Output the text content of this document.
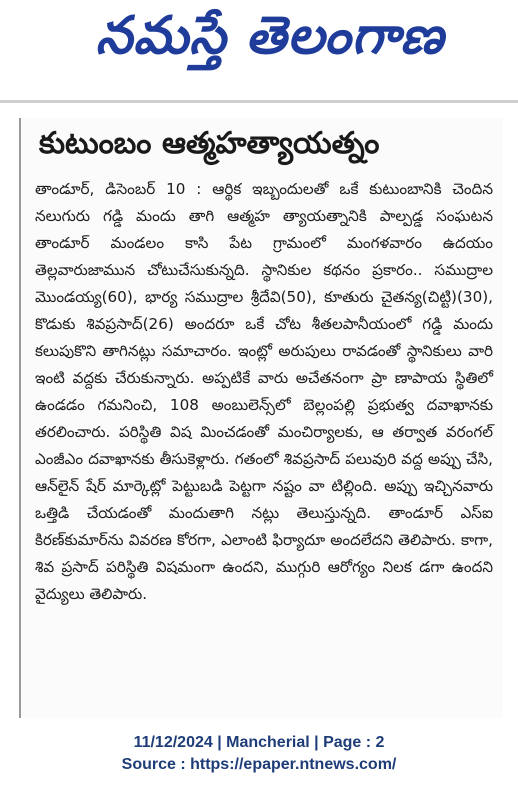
నమస్తే తెలంగాణ
కుటుంబం ఆత్మహత్యాయత్నం

తాండూర్, డిసెంబర్ 10 : ఆర్థిక ఇబ్బందులతో ఒకే కుటుంబానికి చెందిన నలుగురు గడ్డి మందు తాగి ఆత్మహ త్యాయత్నానికి పాల్పడ్డ సంఘటన తాండూర్ మండలం కాసి పేట గ్రామంలో మంగళవారం ఉదయం తెల్లవారుజామున చోటుచేసుకున్నది. స్థానికుల కథనం ప్రకారం.. సముద్రాల మొండయ్య(60), భార్య సముద్రాల శ్రీదేవి(50), కూతురు చైతన్య(చిట్టి)(30), కొడుకు శివప్రసాద్(26) అందరూ ఒకే చోట శీతలపానీయంలో గడ్డి మందు కలుపుకొని తాగినట్లు సమాచారం. ఇంట్లో అరుపులు రావడంతో స్థానికులు వారి ఇంటి వద్దకు చేరుకున్నారు. అప్పటికే వారు అచేతనంగా ప్రా ణాపాయ స్థితిలో ఉండడం గమనించి, 108 అంబులెన్స్‌లో బెల్లంపల్లి ప్రభుత్వ దవాఖానకు తరలించారు. పరిస్థితి విష మించడంతో మంచిర్యాలకు, ఆ తర్వాత వరంగల్ ఎంజీఎం దవాఖానకు తీసుకెళ్లారు. గతంలో శివప్రసాద్ పలువురి వద్ద అప్పు చేసి, ఆన్‌లైన్ షేర్ మార్కెట్లో పెట్టుబడి పెట్టగా నష్టం వా టిల్లింది. అప్పు ఇచ్చినవారు ఒత్తిడి చేయడంతో మందుతాగి నట్లు తెలుస్తున్నది. తాండూర్ ఎస్ఐ కిరణ్‌కుమార్‌ను వివరణ కోరగా, ఎలాంటి ఫిర్యాదూ అందలేదని తెలిపారు. కాగా, శివ ప్రసాద్ పరిస్థితి విషమంగా ఉందని, ముగ్గురి ఆరోగ్యం నిలక డగా ఉందని వైద్యులు తెలిపారు.

11/12/2024 | Mancherial | Page : 2
Source : https://epaper.ntnews.com/
